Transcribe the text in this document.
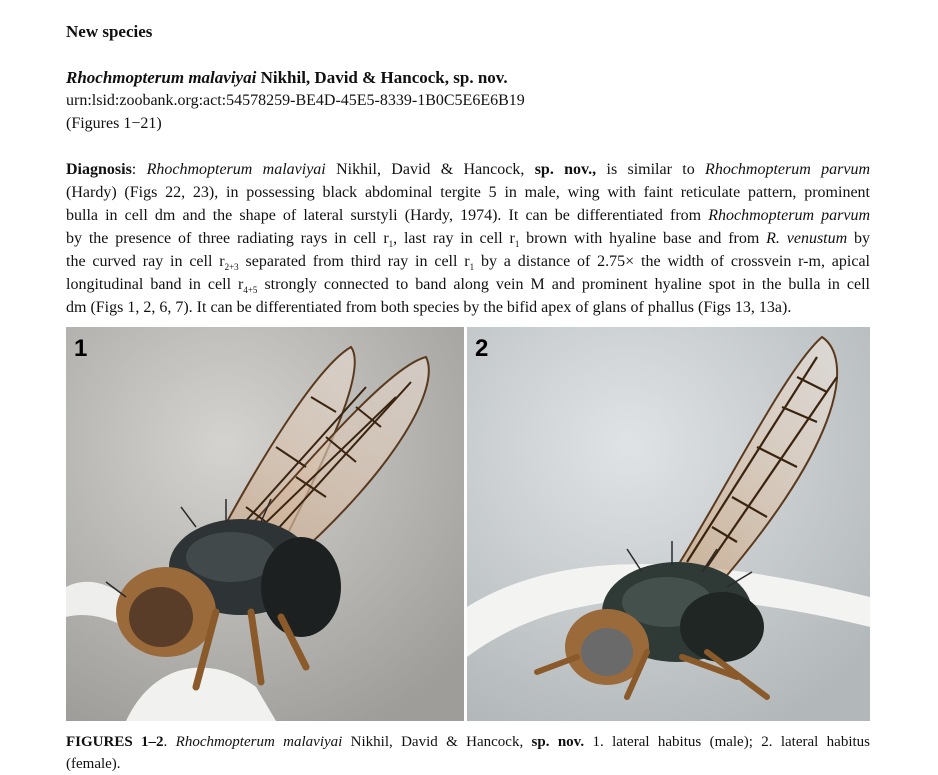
New species
Rhochmopterum malaviyai Nikhil, David & Hancock, sp. nov.
urn:lsid:zoobank.org:act:54578259-BE4D-45E5-8339-1B0C5E6E6B19
(Figures 1−21)
Diagnosis: Rhochmopterum malaviyai Nikhil, David & Hancock, sp. nov., is similar to Rhochmopterum parvum
(Hardy) (Figs 22, 23), in possessing black abdominal tergite 5 in male, wing with faint reticulate pattern, prominent
bulla in cell dm and the shape of lateral surstyli (Hardy, 1974). It can be differentiated from Rhochmopterum parvum
by the presence of three radiating rays in cell $r_1$, last ray in cell $r_1$ brown with hyaline base and from R. venustum by
the curved ray in cell $r_{2+3}$ separated from third ray in cell $r_1$ by a distance of 2.75× the width of crossvein r-m, apical
longitudinal band in cell $r_{4+5}$ strongly connected to band along vein M and prominent hyaline spot in the bulla in cell
dm (Figs 1, 2, 6, 7). It can be differentiated from both species by the bifid apex of glans of phallus (Figs 13, 13a).
1	2
FIGURES 1–2. Rhochmopterum malaviyai Nikhil, David & Hancock, sp. nov. 1. lateral habitus (male); 2. lateral habitus
(female).
